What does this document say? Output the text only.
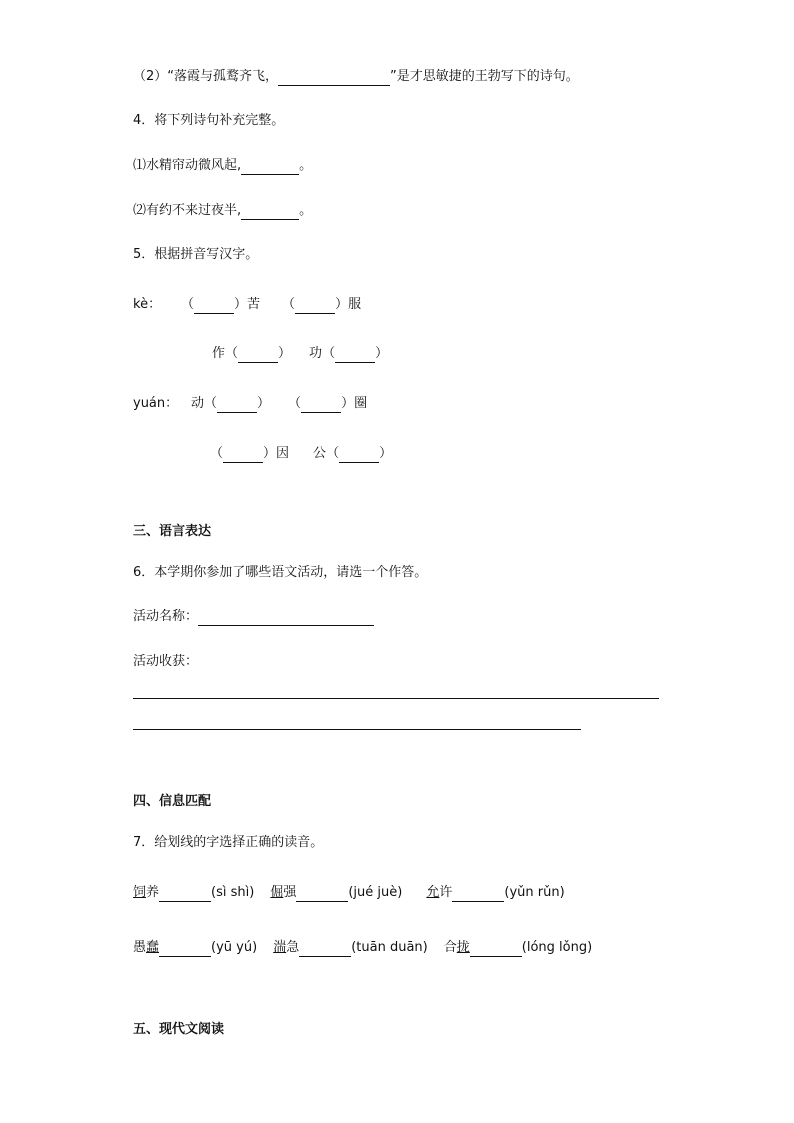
（2）“落霞与孤鹜齐飞，	”是才思敏捷的王勃写下的诗句。
4．将下列诗句补充完整。
⑴水精帘动微风起,	。
⑵有约不来过夜半,	。
5．根据拼音写汉字。
kè： （	）苦 （	）服
作（	） 功（	）
yuán： 动（	） （	）圈
（	）因 公（	）
三、语言表达
6．本学期你参加了哪些语文活动，请选一个作答。
活动名称：
活动收获：
四、信息匹配
7．给划线的字选择正确的读音。
饲养	(sì shì) 倔强	(jué juè) 允许	(yǔn rǔn)
愚蠢	(yū yú) 湍急	(tuān duān) 合拢	(lóng lǒng)
五、现代文阅读
